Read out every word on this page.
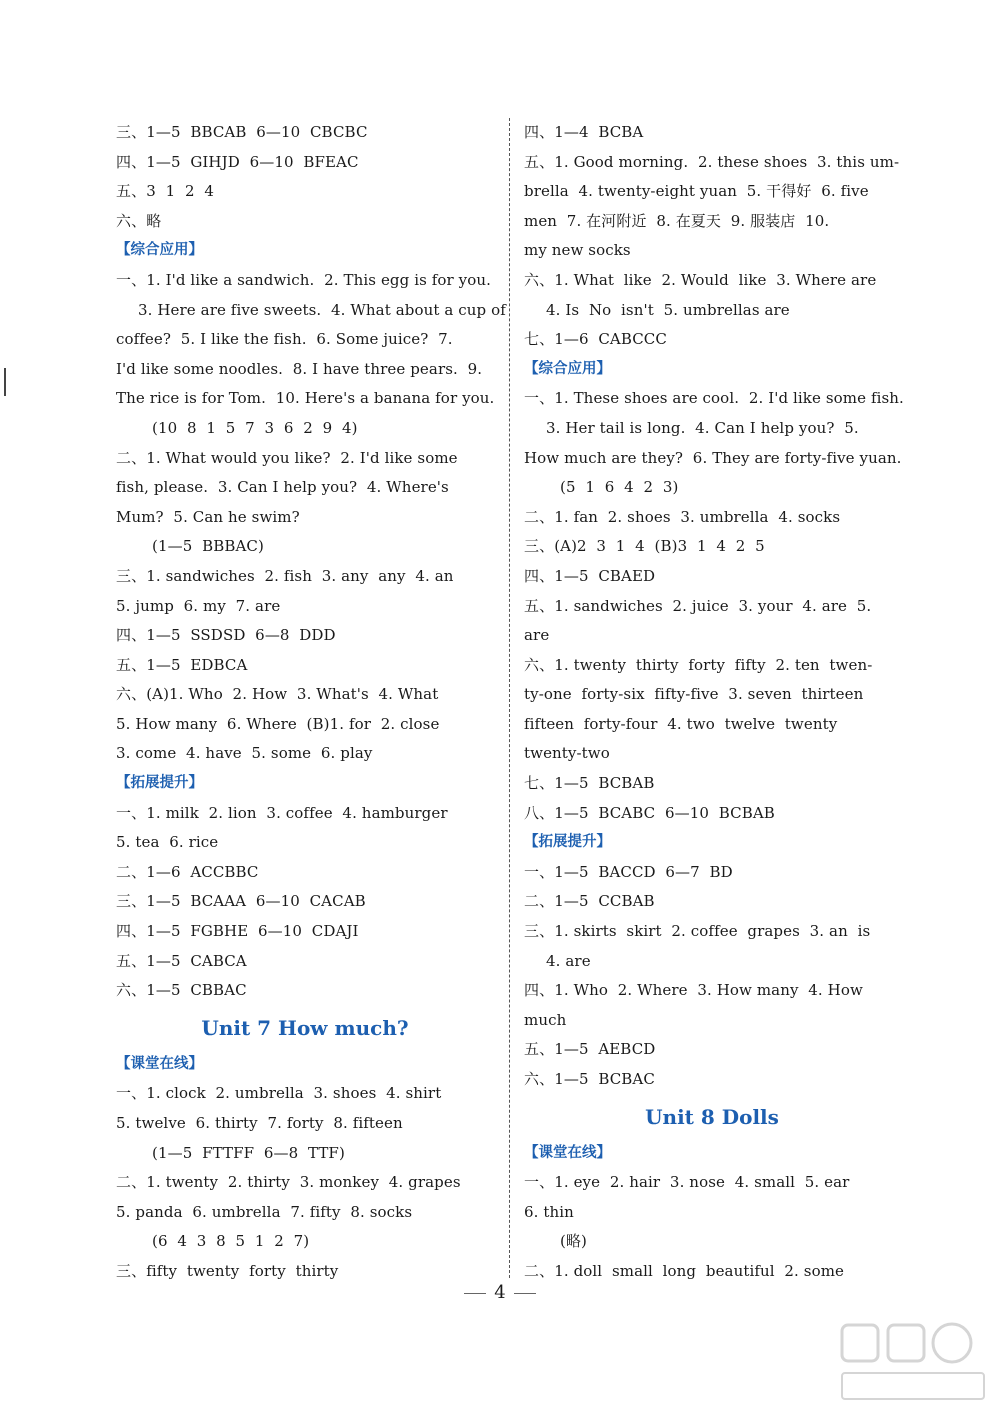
三、1—5  BBCAB  6—10  CBCBC
四、1—5  GIHJD  6—10  BFEAC
五、3  1  2  4
六、略
【综合应用】
一、1. I'd like a sandwich.  2. This egg is for you.
3. Here are five sweets.  4. What about a cup of
coffee?  5. I like the fish.  6. Some juice?  7.
I'd like some noodles.  8. I have three pears.  9.
The rice is for Tom.  10. Here's a banana for you.
(10  8  1  5  7  3  6  2  9  4)
二、1. What would you like?  2. I'd like some
fish, please.  3. Can I help you?  4. Where's
Mum?  5. Can he swim?
(1—5  BBBAC)
三、1. sandwiches  2. fish  3. any  any  4. an
5. jump  6. my  7. are
四、1—5  SSDSD  6—8  DDD
五、1—5  EDBCA
六、(A)1. Who  2. How  3. What's  4. What
5. How many  6. Where  (B)1. for  2. close
3. come  4. have  5. some  6. play
【拓展提升】
一、1. milk  2. lion  3. coffee  4. hamburger
5. tea  6. rice
二、1—6  ACCBBC
三、1—5  BCAAA  6—10  CACAB
四、1—5  FGBHE  6—10  CDAJI
五、1—5  CABCA
六、1—5  CBBAC
Unit 7 How much?
【课堂在线】
一、1. clock  2. umbrella  3. shoes  4. shirt
5. twelve  6. thirty  7. forty  8. fifteen
(1—5  FTTFF  6—8  TTF)
二、1. twenty  2. thirty  3. monkey  4. grapes
5. panda  6. umbrella  7. fifty  8. socks
(6  4  3  8  5  1  2  7)
三、fifty  twenty  forty  thirty
四、1—4  BCBA
五、1. Good morning.  2. these shoes  3. this um-
brella  4. twenty-eight yuan  5. 干得好  6. five
men  7. 在河附近  8. 在夏天  9. 服装店  10.
my new socks
六、1. What  like  2. Would  like  3. Where are
4. Is  No  isn't  5. umbrellas are
七、1—6  CABCCC
【综合应用】
一、1. These shoes are cool.  2. I'd like some fish.
3. Her tail is long.  4. Can I help you?  5.
How much are they?  6. They are forty-five yuan.
(5  1  6  4  2  3)
二、1. fan  2. shoes  3. umbrella  4. socks
三、(A)2  3  1  4  (B)3  1  4  2  5
四、1—5  CBAED
五、1. sandwiches  2. juice  3. your  4. are  5.
are
六、1. twenty  thirty  forty  fifty  2. ten  twen-
ty-one  forty-six  fifty-five  3. seven  thirteen
fifteen  forty-four  4. two  twelve  twenty
twenty-two
七、1—5  BCBAB
八、1—5  BCABC  6—10  BCBAB
【拓展提升】
一、1—5  BACCD  6—7  BD
二、1—5  CCBAB
三、1. skirts  skirt  2. coffee  grapes  3. an  is
4. are
四、1. Who  2. Where  3. How many  4. How
much
五、1—5  AEBCD
六、1—5  BCBAC
Unit 8 Dolls
【课堂在线】
一、1. eye  2. hair  3. nose  4. small  5. ear
6. thin
(略)
二、1. doll  small  long  beautiful  2. some
4
